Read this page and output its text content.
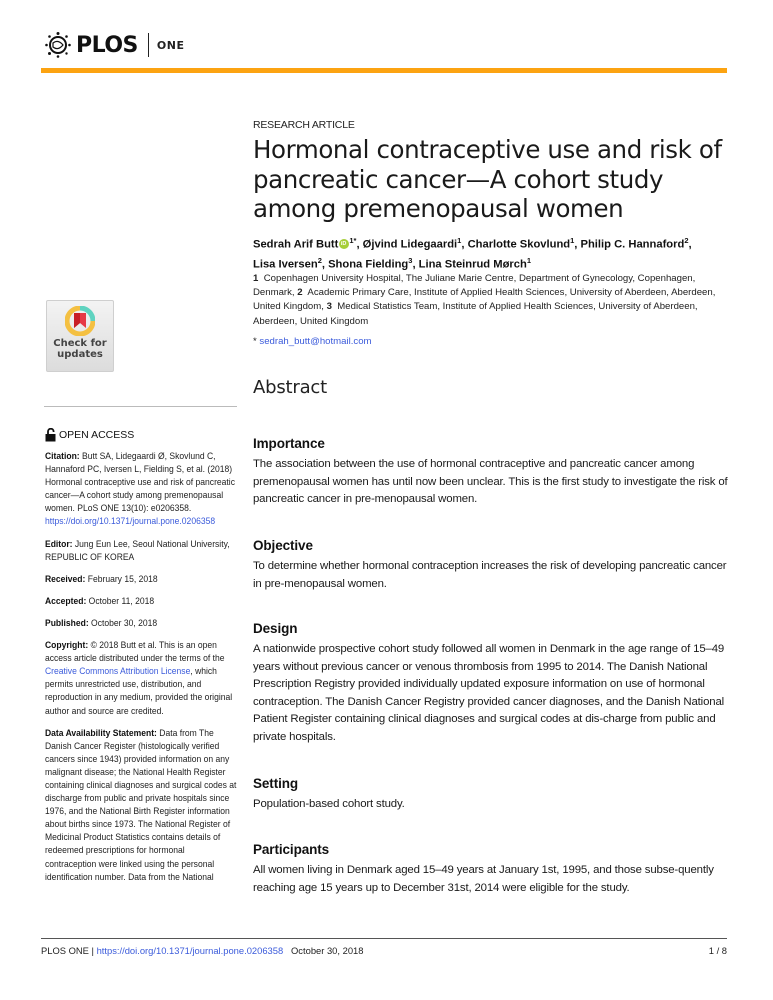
PLOS ONE
Check for
updates
OPEN ACCESS

Citation: Butt SA, Lidegaardi Ø, Skovlund C, Hannaford PC, Iversen L, Fielding S, et al. (2018) Hormonal contraceptive use and risk of pancreatic cancer—A cohort study among premenopausal women. PLoS ONE 13(10): e0206358. https://doi.org/10.1371/journal.pone.0206358

Editor: Jung Eun Lee, Seoul National University, REPUBLIC OF KOREA

Received: February 15, 2018

Accepted: October 11, 2018

Published: October 30, 2018

Copyright: © 2018 Butt et al. This is an open access article distributed under the terms of the Creative Commons Attribution License, which permits unrestricted use, distribution, and reproduction in any medium, provided the original author and source are credited.

Data Availability Statement: Data from The Danish Cancer Register (histologically verified cancers since 1943) provided information on any malignant disease; the National Health Register containing clinical diagnoses and surgical codes at discharge from public and private hospitals since 1976, and the National Birth Register information about births since 1973. The National Register of Medicinal Product Statistics contains details of redeemed prescriptions for hormonal contraception were linked using the personal identification number. Data from the National

RESEARCH ARTICLE
Hormonal contraceptive use and risk of pancreatic cancer—A cohort study among premenopausal women
Sedrah Arif Butt iD $^{1*}$, Øjvind Lidegaardi$^1$, Charlotte Skovlund$^1$, Philip C. Hannaford$^2$,
Lisa Iversen$^2$, Shona Fielding$^3$, Lina Steinrud Mørch$^1$
1 Copenhagen University Hospital, The Juliane Marie Centre, Department of Gynecology, Copenhagen, Denmark, 2 Academic Primary Care, Institute of Applied Health Sciences, University of Aberdeen, Aberdeen, United Kingdom, 3 Medical Statistics Team, Institute of Applied Health Sciences, University of Aberdeen, Aberdeen, United Kingdom
* sedrah_butt@hotmail.com
Abstract
Importance

The association between the use of hormonal contraceptive and pancreatic cancer among premenopausal women has until now been unclear. This is the first study to investigate the risk of pancreatic cancer in pre-menopausal women.

Objective

To determine whether hormonal contraception increases the risk of developing pancreatic cancer in pre-menopausal women.

Design

A nationwide prospective cohort study followed all women in Denmark in the age range of 15–49 years without previous cancer or venous thrombosis from 1995 to 2014. The Danish National Prescription Registry provided individually updated exposure information on use of hormonal contraception. The Danish Cancer Registry provided cancer diagnoses, and the Danish National Patient Register containing clinical diagnoses and surgical codes at dis-charge from public and private hospitals.

Setting

Population-based cohort study.

Participants

All women living in Denmark aged 15–49 years at January 1st, 1995, and those subse-quently reaching age 15 years up to December 31st, 2014 were eligible for the study.

PLOS ONE | https://doi.org/10.1371/journal.pone.0206358 October 30, 2018	1 / 8
